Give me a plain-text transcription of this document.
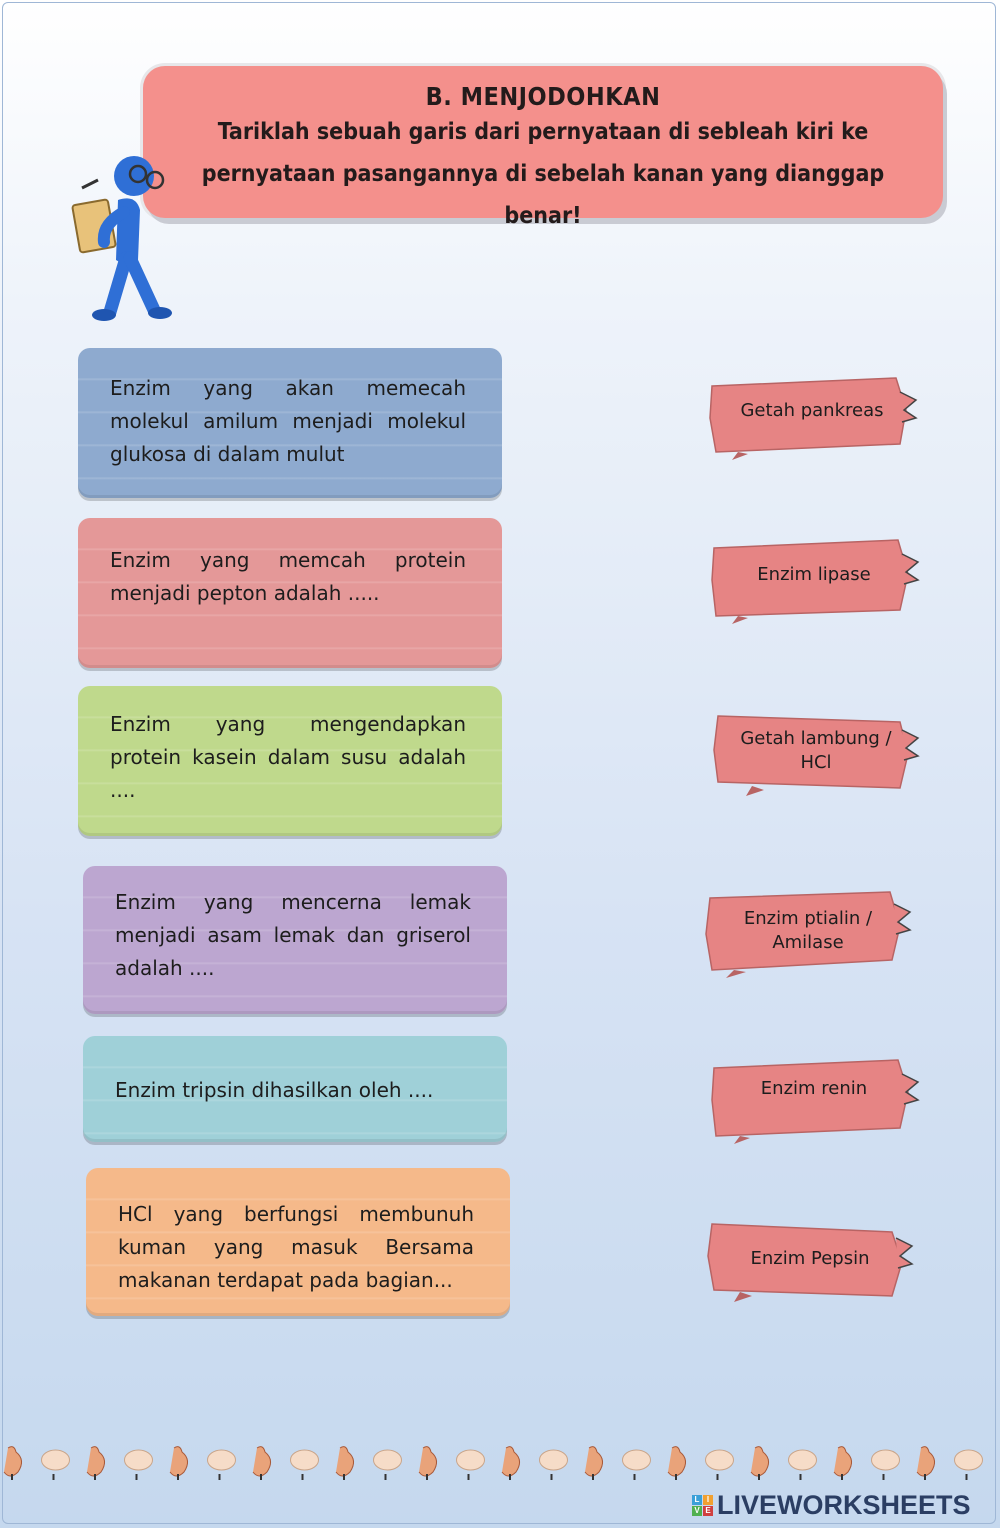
B. MENJODOHKAN
Tariklah sebuah garis dari pernyataan di sebleah kiri ke pernyataan pasangannya di sebelah kanan yang dianggap benar!
Enzim yang akan memecah molekul amilum menjadi molekul glukosa di dalam mulut
Enzim yang memcah protein menjadi pepton adalah .....
Enzim yang mengendapkan protein kasein dalam susu adalah ....
Enzim yang mencerna lemak menjadi asam lemak dan griserol adalah ....
Enzim tripsin dihasilkan oleh ....
HCl yang berfungsi membunuh kuman yang masuk Bersama makanan terdapat pada bagian...
Getah pankreas
Enzim lipase
Getah lambung / HCl
Enzim ptialin / Amilase
Enzim renin
Enzim Pepsin
L I
V E LIVEWORKSHEETS
